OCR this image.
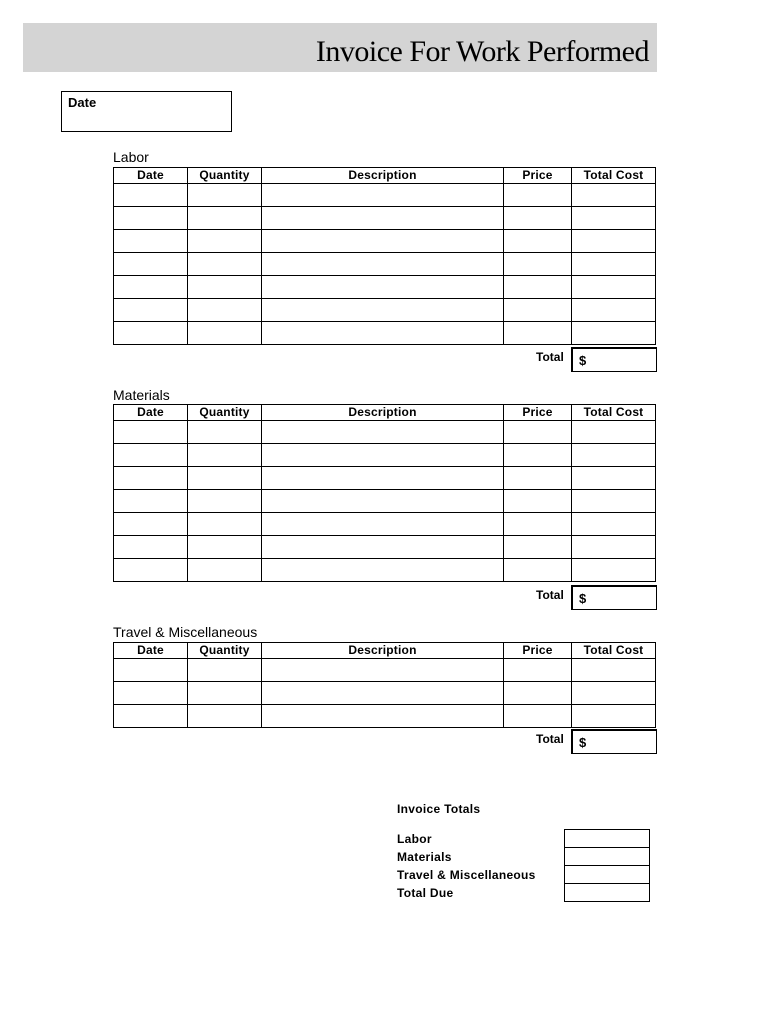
Invoice For Work Performed
Date
Labor
Date	Quantity	Description	Price	Total Cost

Total $
Materials
Date	Quantity	Description	Price	Total Cost

Total $
Travel & Miscellaneous
Date	Quantity	Description	Price	Total Cost

Total $
Invoice Totals
Labor
Materials
Travel & Miscellaneous
Total Due
